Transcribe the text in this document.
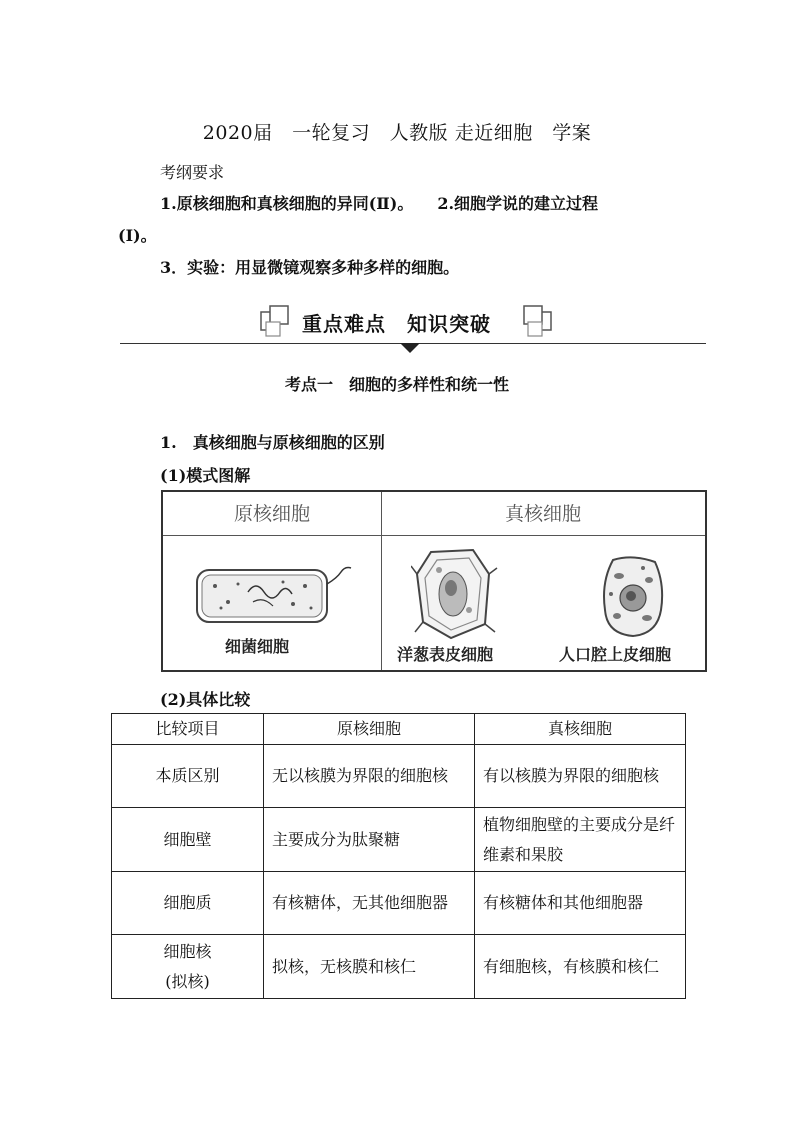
2020届　一轮复习　人教版 走近细胞　学案
考纲要求
1.原核细胞和真核细胞的异同(Ⅱ)。　　2.细胞学说的建立过程
(Ⅰ)。
3．实验：用显微镜观察多种多样的细胞。
重点难点　知识突破
考点一　细胞的多样性和统一性
1.　真核细胞与原核细胞的区别
(1)模式图解
原核细胞	真核细胞
细菌细胞	洋葱表皮细胞	人口腔上皮细胞
(2)具体比较
比较项目	原核细胞	真核细胞
本质区别	无以核膜为界限的细胞核	有以核膜为界限的细胞核
细胞壁	主要成分为肽聚糖	植物细胞壁的主要成分是纤维素和果胶
细胞质	有核糖体，无其他细胞器	有核糖体和其他细胞器

细胞核
(拟核)	拟核，无核膜和核仁	有细胞核，有核膜和核仁
